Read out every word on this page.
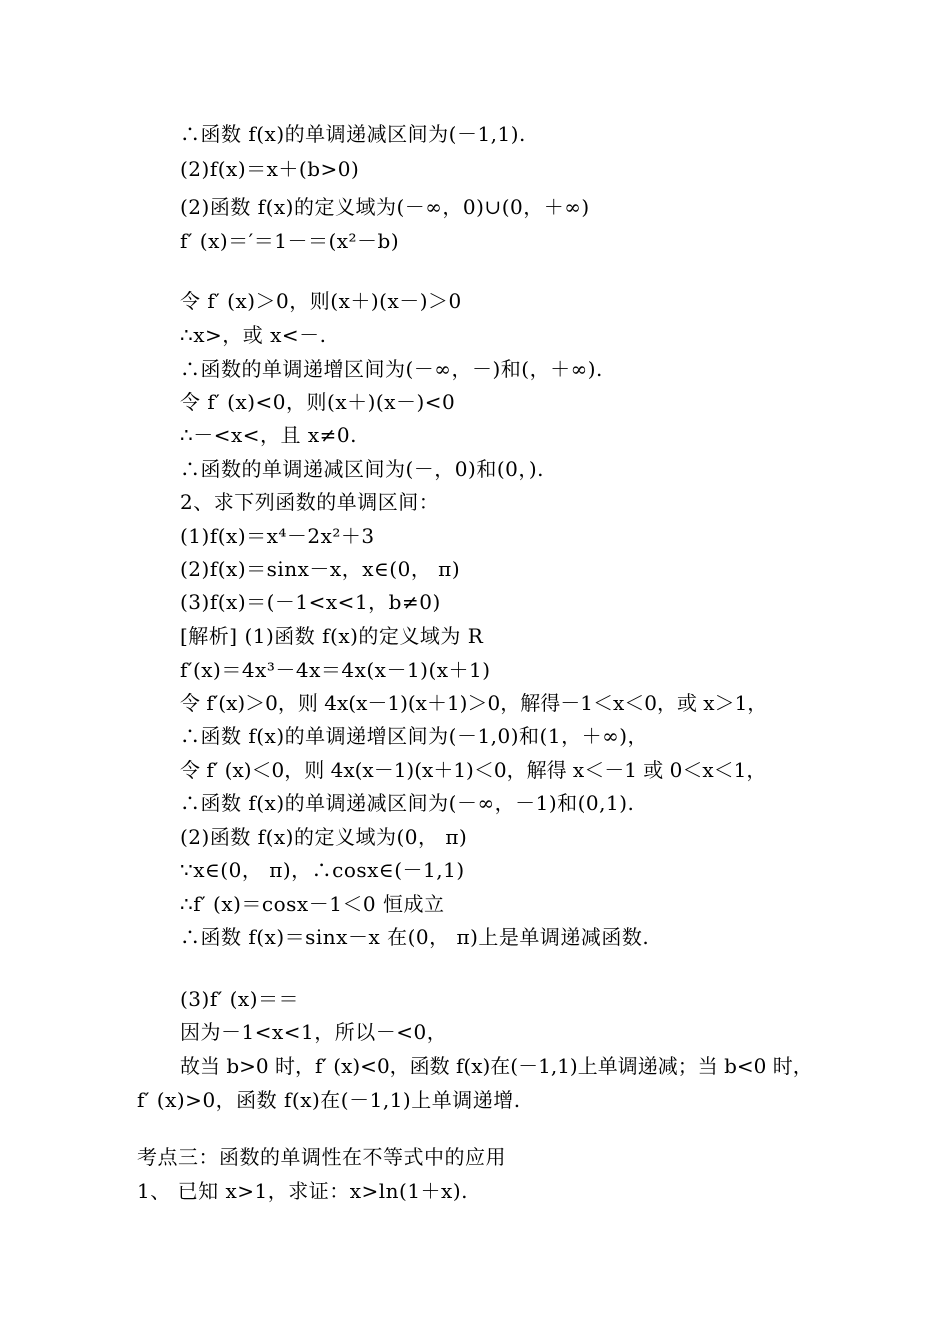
∴函数 f(x)的单调递减区间为(－1,1).
(2)f(x)＝x＋(b>0)
(2)函数 f(x)的定义域为(－∞，0)∪(0，＋∞)
f′ (x)＝′＝1－＝(x²－b)
令 f′ (x)＞0，则(x＋)(x－)＞0
∴x>，或 x<－.
∴函数的单调递增区间为(－∞，－)和(，＋∞).
令 f′ (x)<0，则(x＋)(x－)<0
∴－<x<，且 x≠0.
∴函数的单调递减区间为(－，0)和(0，).
2、求下列函数的单调区间：
(1)f(x)＝x⁴－2x²＋3
(2)f(x)＝sinx－x，x∈(0， π)
(3)f(x)＝(－1<x<1，b≠0)
[解析] (1)函数 f(x)的定义域为 R
f′(x)＝4x³－4x＝4x(x－1)(x＋1)
令 f′(x)＞0，则 4x(x－1)(x＋1)＞0，解得－1＜x＜0，或 x＞1，
∴函数 f(x)的单调递增区间为(－1,0)和(1，＋∞)，
令 f′ (x)＜0，则 4x(x－1)(x＋1)＜0，解得 x＜－1 或 0＜x＜1，
∴函数 f(x)的单调递减区间为(－∞，－1)和(0,1).
(2)函数 f(x)的定义域为(0， π)
∵x∈(0， π)，∴cosx∈(－1,1)
∴f′ (x)＝cosx－1＜0 恒成立
∴函数 f(x)＝sinx－x 在(0， π)上是单调递减函数.
(3)f′ (x)＝＝
因为－1<x<1，所以－<0，
故当 b>0 时，f′ (x)<0，函数 f(x)在(－1,1)上单调递减；当 b<0 时，
f′ (x)>0，函数 f(x)在(－1,1)上单调递增.
考点三：函数的单调性在不等式中的应用
1、 已知 x>1，求证：x>ln(1＋x).
